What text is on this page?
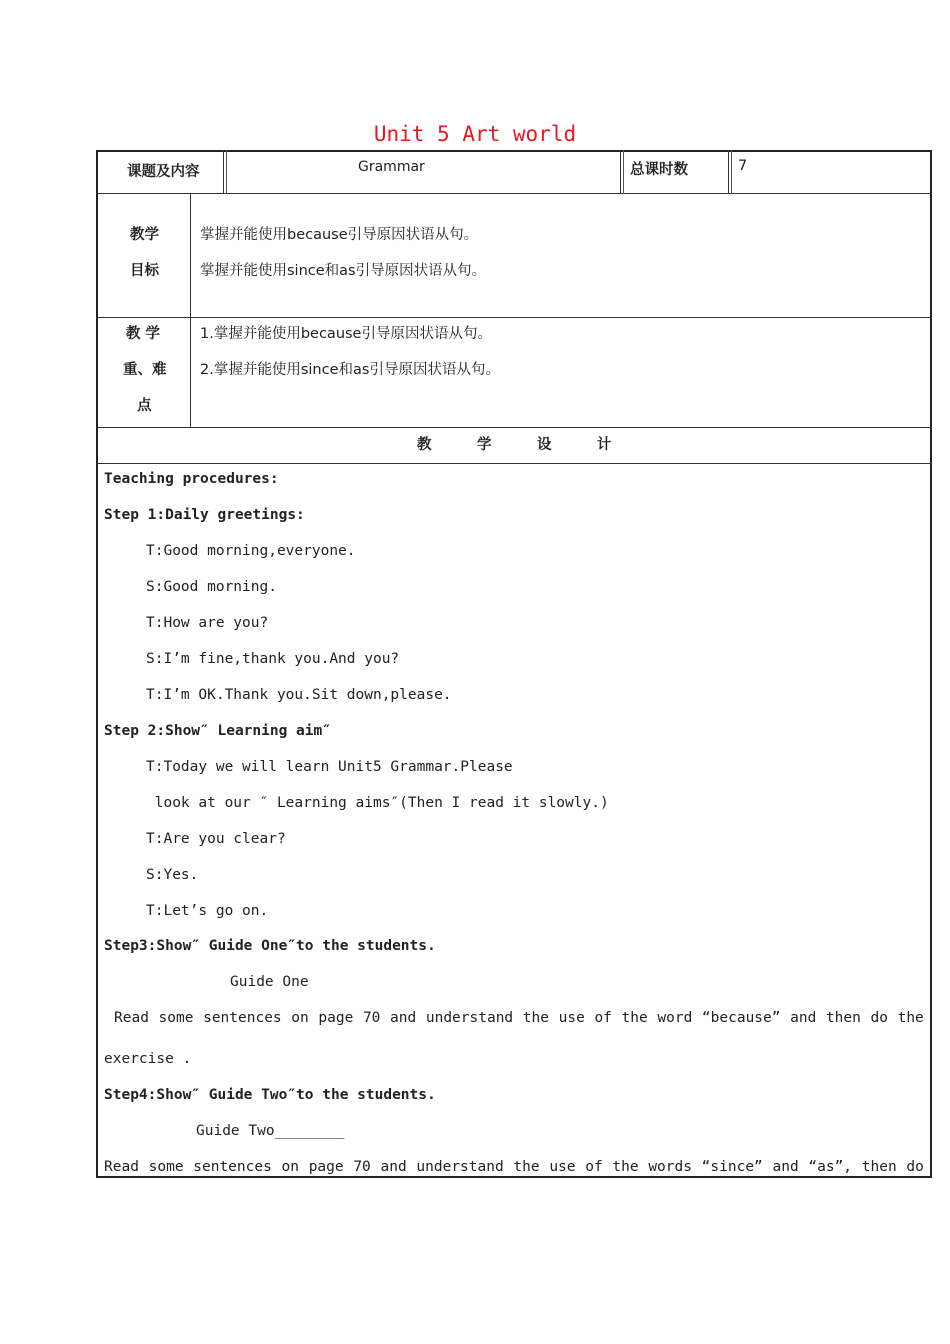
Unit 5 Art world
课题及内容	Grammar	总课时数	7
教学
目标
掌握并能使用because引导原因状语从句。
掌握并能使用since和as引导原因状语从句。
教 学
重、难
点
1.掌握并能使用because引导原因状语从句。
2.掌握并能使用since和as引导原因状语从句。
教	学	设	计
Teaching procedures:
Step 1:Daily greetings:
T:Good morning,everyone.
S:Good morning.
T:How are you?
S:I’m fine,thank you.And you?
T:I’m OK.Thank you.Sit down,please.
Step 2:Show″ Learning aim″
T:Today we will learn Unit5 Grammar.Please
look at our ″ Learning aims″(Then I read it slowly.)
T:Are you clear?
S:Yes.
T:Let’s go on.
Step3:Show″ Guide One″to the students.
Guide One
Read some sentences on page 70 and understand the use of the word “because” and then do the
exercise .
Step4:Show″ Guide Two″to the students.
Guide Two________
Read some sentences on page 70 and understand the use of the words “since” and “as”, then do
